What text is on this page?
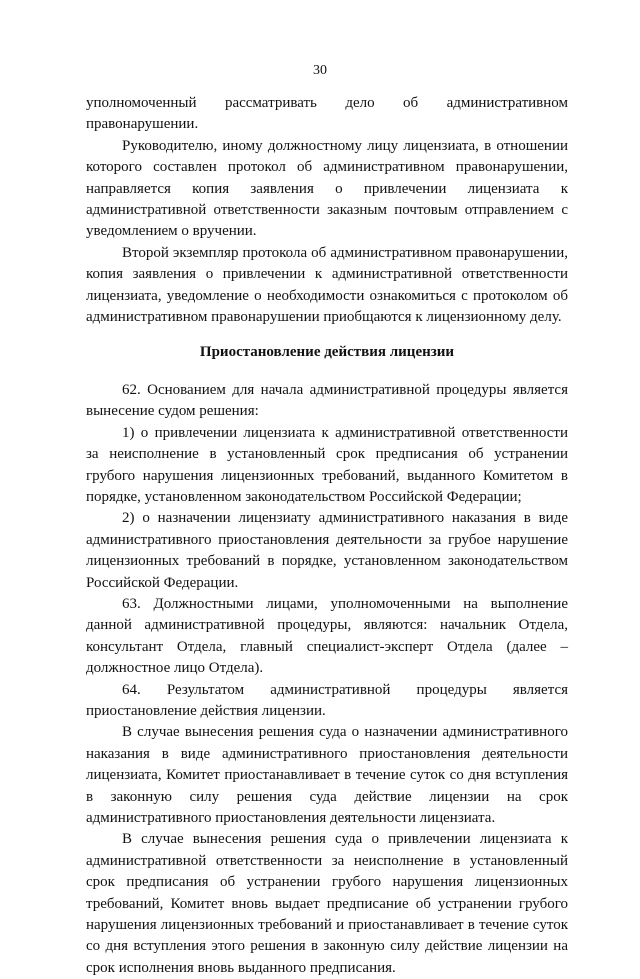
30

уполномоченный рассматривать дело об административном правонарушении.

Руководителю, иному должностному лицу лицензиата, в отношении которого составлен протокол об административном правонарушении, направляется копия заявления о привлечении лицензиата к административной ответственности заказным почтовым отправлением с уведомлением о вручении.

Второй экземпляр протокола об административном правонарушении, копия заявления о привлечении к административной ответственности лицензиата, уведомление о необходимости ознакомиться с протоколом об административном правонарушении приобщаются к лицензионному делу.

Приостановление действия лицензии

62. Основанием для начала административной процедуры является вынесение судом решения:

1) о привлечении лицензиата к административной ответственности за неисполнение в установленный срок предписания об устранении грубого нарушения лицензионных требований, выданного Комитетом в порядке, установленном законодательством Российской Федерации;

2) о назначении лицензиату административного наказания в виде административного приостановления деятельности за грубое нарушение лицензионных требований в порядке, установленном законодательством Российской Федерации.

63. Должностными лицами, уполномоченными на выполнение данной административной процедуры, являются: начальник Отдела, консультант Отдела, главный специалист-эксперт Отдела (далее – должностное лицо Отдела).

64. Результатом административной процедуры является приостановление действия лицензии.

В случае вынесения решения суда о назначении административного наказания в виде административного приостановления деятельности лицензиата, Комитет приостанавливает в течение суток со дня вступления в законную силу решения суда действие лицензии на срок административного приостановления деятельности лицензиата.

В случае вынесения решения суда о привлечении лицензиата к административной ответственности за неисполнение в установленный срок предписания об устранении грубого нарушения лицензионных требований, Комитет вновь выдает предписание об устранении грубого нарушения лицензионных требований и приостанавливает в течение суток со дня вступления этого решения в законную силу действие лицензии на срок исполнения вновь выданного предписания.
